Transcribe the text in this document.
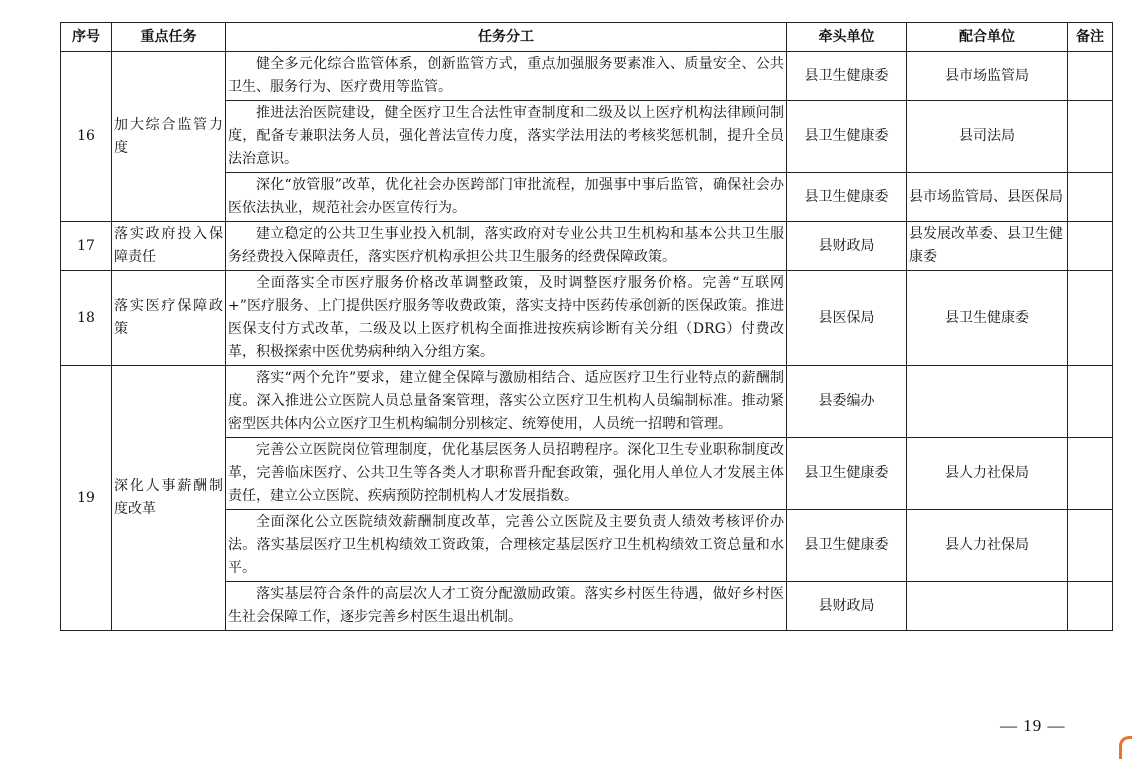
序号	重点任务	任务分工	牵头单位	配合单位	备注
16	加大综合监管力度	健全多元化综合监管体系，创新监管方式，重点加强服务要素准入、质量安全、公共卫生、服务行为、医疗费用等监管。	县卫生健康委	县市场监管局	
		推进法治医院建设，健全医疗卫生合法性审查制度和二级及以上医疗机构法律顾问制度，配备专兼职法务人员，强化普法宣传力度，落实学法用法的考核奖惩机制，提升全员法治意识。	县卫生健康委	县司法局	
		深化“放管服”改革，优化社会办医跨部门审批流程，加强事中事后监管，确保社会办医依法执业，规范社会办医宣传行为。	县卫生健康委	县市场监管局、县医保局	
17	落实政府投入保障责任	建立稳定的公共卫生事业投入机制，落实政府对专业公共卫生机构和基本公共卫生服务经费投入保障责任，落实医疗机构承担公共卫生服务的经费保障政策。	县财政局	县发展改革委、县卫生健康委	
18	落实医疗保障政策	全面落实全市医疗服务价格改革调整政策，及时调整医疗服务价格。完善“互联网+”医疗服务、上门提供医疗服务等收费政策，落实支持中医药传承创新的医保政策。推进医保支付方式改革，二级及以上医疗机构全面推进按疾病诊断有关分组（DRG）付费改革，积极探索中医优势病种纳入分组方案。	县医保局	县卫生健康委	
19	深化人事薪酬制度改革	落实“两个允许”要求，建立健全保障与激励相结合、适应医疗卫生行业特点的薪酬制度。深入推进公立医院人员总量备案管理，落实公立医疗卫生机构人员编制标准。推动紧密型医共体内公立医疗卫生机构编制分别核定、统筹使用，人员统一招聘和管理。	县委编办		
		完善公立医院岗位管理制度，优化基层医务人员招聘程序。深化卫生专业职称制度改革，完善临床医疗、公共卫生等各类人才职称晋升配套政策，强化用人单位人才发展主体责任，建立公立医院、疾病预防控制机构人才发展指数。	县卫生健康委	县人力社保局	
		全面深化公立医院绩效薪酬制度改革，完善公立医院及主要负责人绩效考核评价办法。落实基层医疗卫生机构绩效工资政策，合理核定基层医疗卫生机构绩效工资总量和水平。	县卫生健康委	县人力社保局	
		落实基层符合条件的高层次人才工资分配激励政策。落实乡村医生待遇，做好乡村医生社会保障工作，逐步完善乡村医生退出机制。	县财政局		
— 19 —
